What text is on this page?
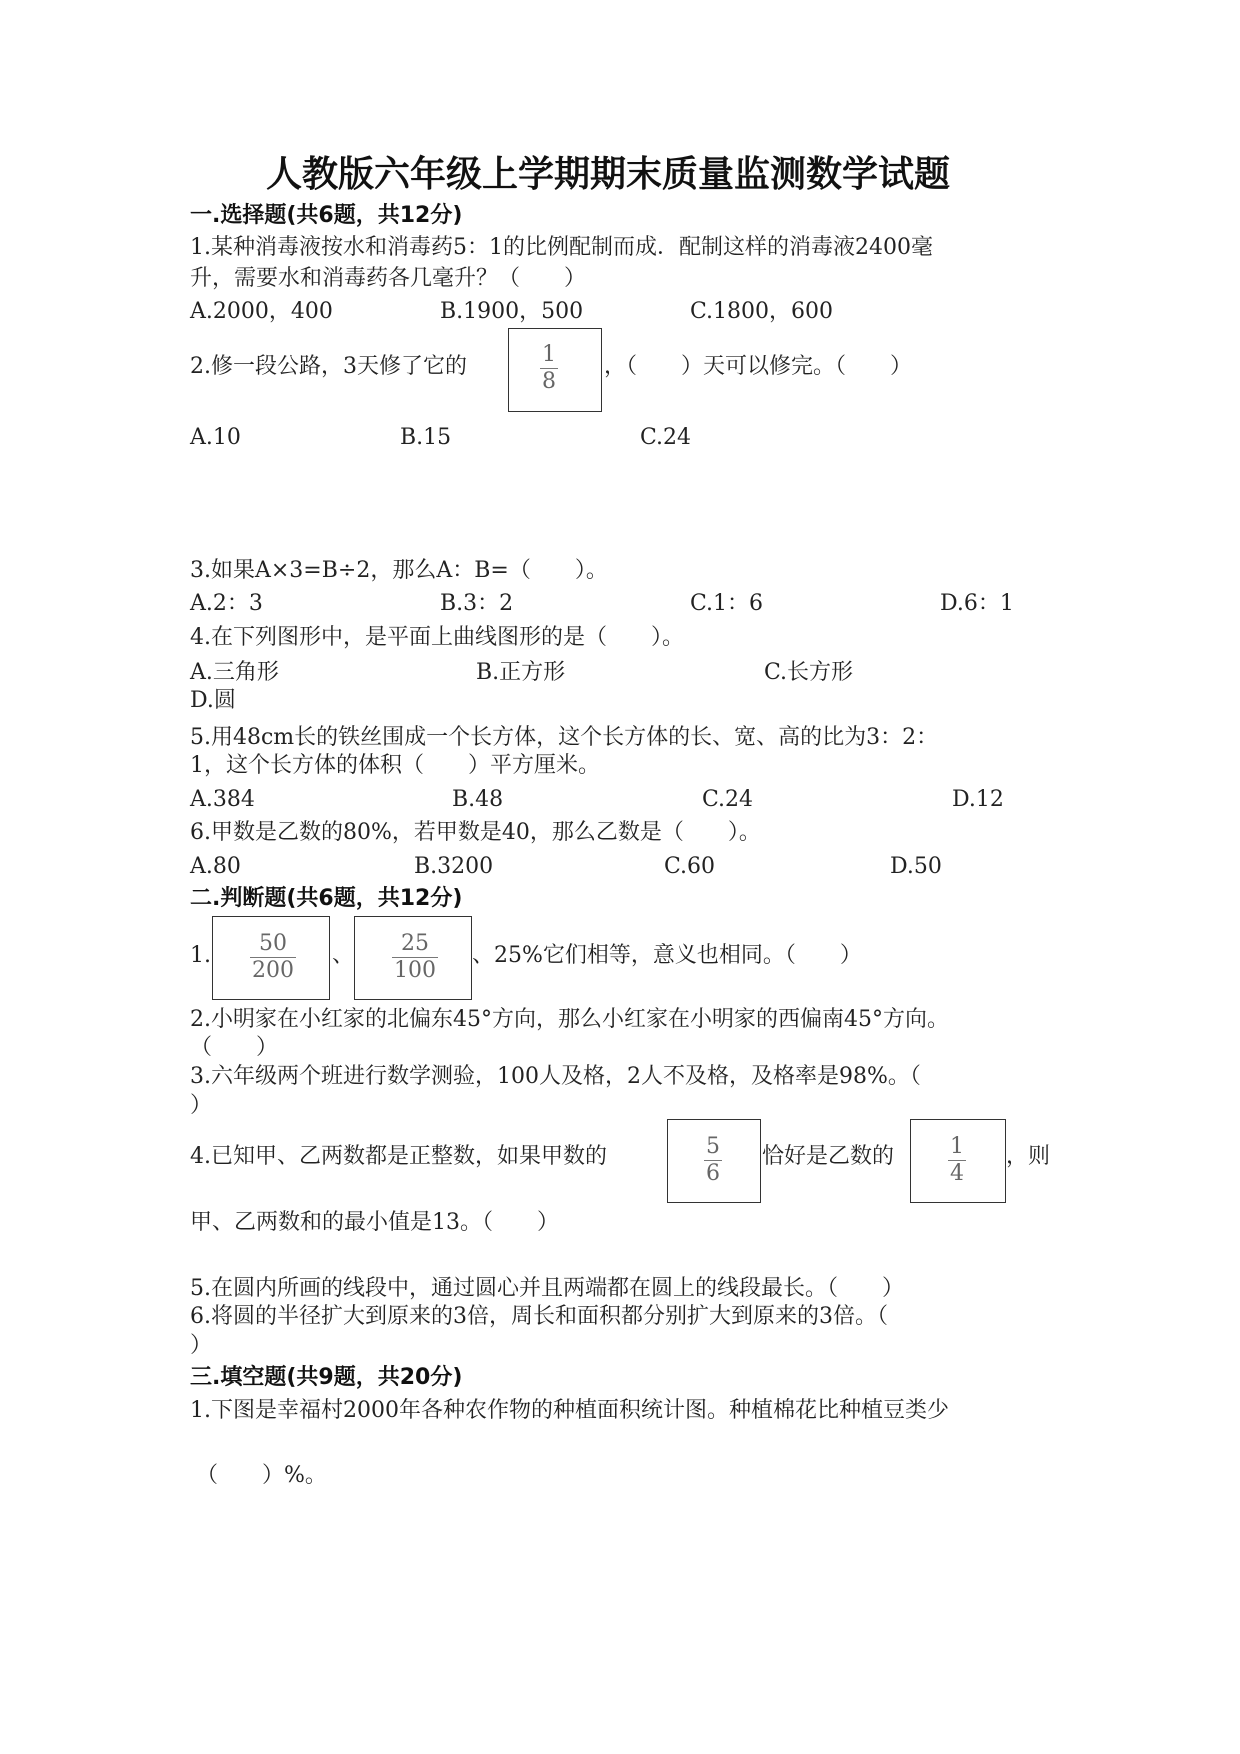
人教版六年级上学期期末质量监测数学试题
一.选择题(共6题，共12分)
1.某种消毒液按水和消毒药5：1的比例配制而成．配制这样的消毒液2400毫
升，需要水和消毒药各几毫升？（　　）
A.2000，400	B.1900，500	C.1800，600
2.修一段公路，3天修了它的	1
8
，（　　）天可以修完。（　　）
A.10	B.15	C.24
3.如果A×3=B÷2，那么A：B=（　　）。
A.2：3	B.3：2	C.1：6	D.6：1
4.在下列图形中，是平面上曲线图形的是（　　）。
A.三角形	B.正方形	C.长方形
D.圆
5.用48cm长的铁丝围成一个长方体，这个长方体的长、宽、高的比为3：2：
1，这个长方体的体积（　　）平方厘米。
A.384	B.48	C.24	D.12
6.甲数是乙数的80%，若甲数是40，那么乙数是（　　）。
A.80	B.3200	C.60	D.50
二.判断题(共6题，共12分)
1. 50
200
、 25
100
、25%它们相等，意义也相同。（　　）
2.小明家在小红家的北偏东45°方向，那么小红家在小明家的西偏南45°方向。
（　　）
3.六年级两个班进行数学测验，100人及格，2人不及格，及格率是98%。（
）
4.已知甲、乙两数都是正整数，如果甲数的	5
6
恰好是乙数的	1
4
，则
甲、乙两数和的最小值是13。（　　）
5.在圆内所画的线段中，通过圆心并且两端都在圆上的线段最长。（　　）
6.将圆的半径扩大到原来的3倍，周长和面积都分别扩大到原来的3倍。（
）
三.填空题(共9题，共20分)
1.下图是幸福村2000年各种农作物的种植面积统计图。种植棉花比种植豆类少
（　　）%。
